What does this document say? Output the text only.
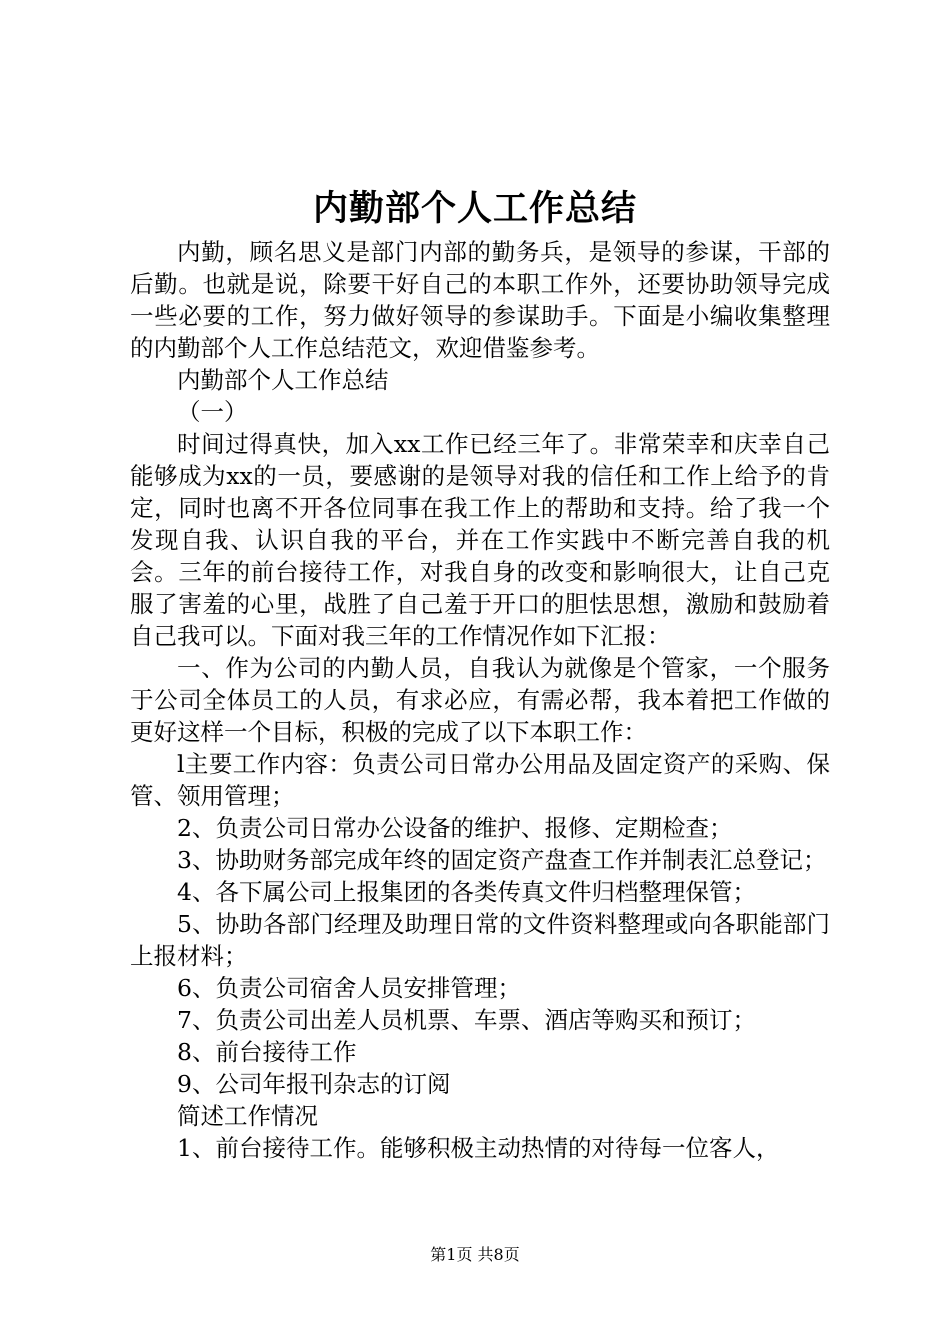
内勤部个人工作总结

内勤，顾名思义是部门内部的勤务兵，是领导的参谋，干部的后勤。也就是说，除要干好自己的本职工作外，还要协助领导完成一些必要的工作，努力做好领导的参谋助手。下面是小编收集整理的内勤部个人工作总结范文，欢迎借鉴参考。

内勤部个人工作总结

（一）

时间过得真快，加入xx工作已经三年了。非常荣幸和庆幸自己能够成为xx的一员，要感谢的是领导对我的信任和工作上给予的肯定，同时也离不开各位同事在我工作上的帮助和支持。给了我一个发现自我、认识自我的平台，并在工作实践中不断完善自我的机会。三年的前台接待工作，对我自身的改变和影响很大，让自己克服了害羞的心里，战胜了自己羞于开口的胆怯思想，激励和鼓励着自己我可以。下面对我三年的工作情况作如下汇报：

一、作为公司的内勤人员，自我认为就像是个管家，一个服务于公司全体员工的人员，有求必应，有需必帮，我本着把工作做的更好这样一个目标，积极的完成了以下本职工作：

l主要工作内容：负责公司日常办公用品及固定资产的采购、保管、领用管理；

2、负责公司日常办公设备的维护、报修、定期检查；

3、协助财务部完成年终的固定资产盘查工作并制表汇总登记；

4、各下属公司上报集团的各类传真文件归档整理保管；

5、协助各部门经理及助理日常的文件资料整理或向各职能部门上报材料；

6、负责公司宿舍人员安排管理；

7、负责公司出差人员机票、车票、酒店等购买和预订；

8、前台接待工作

9、公司年报刊杂志的订阅

简述工作情况

1、前台接待工作。能够积极主动热情的对待每一位客人，

第1页 共8页
